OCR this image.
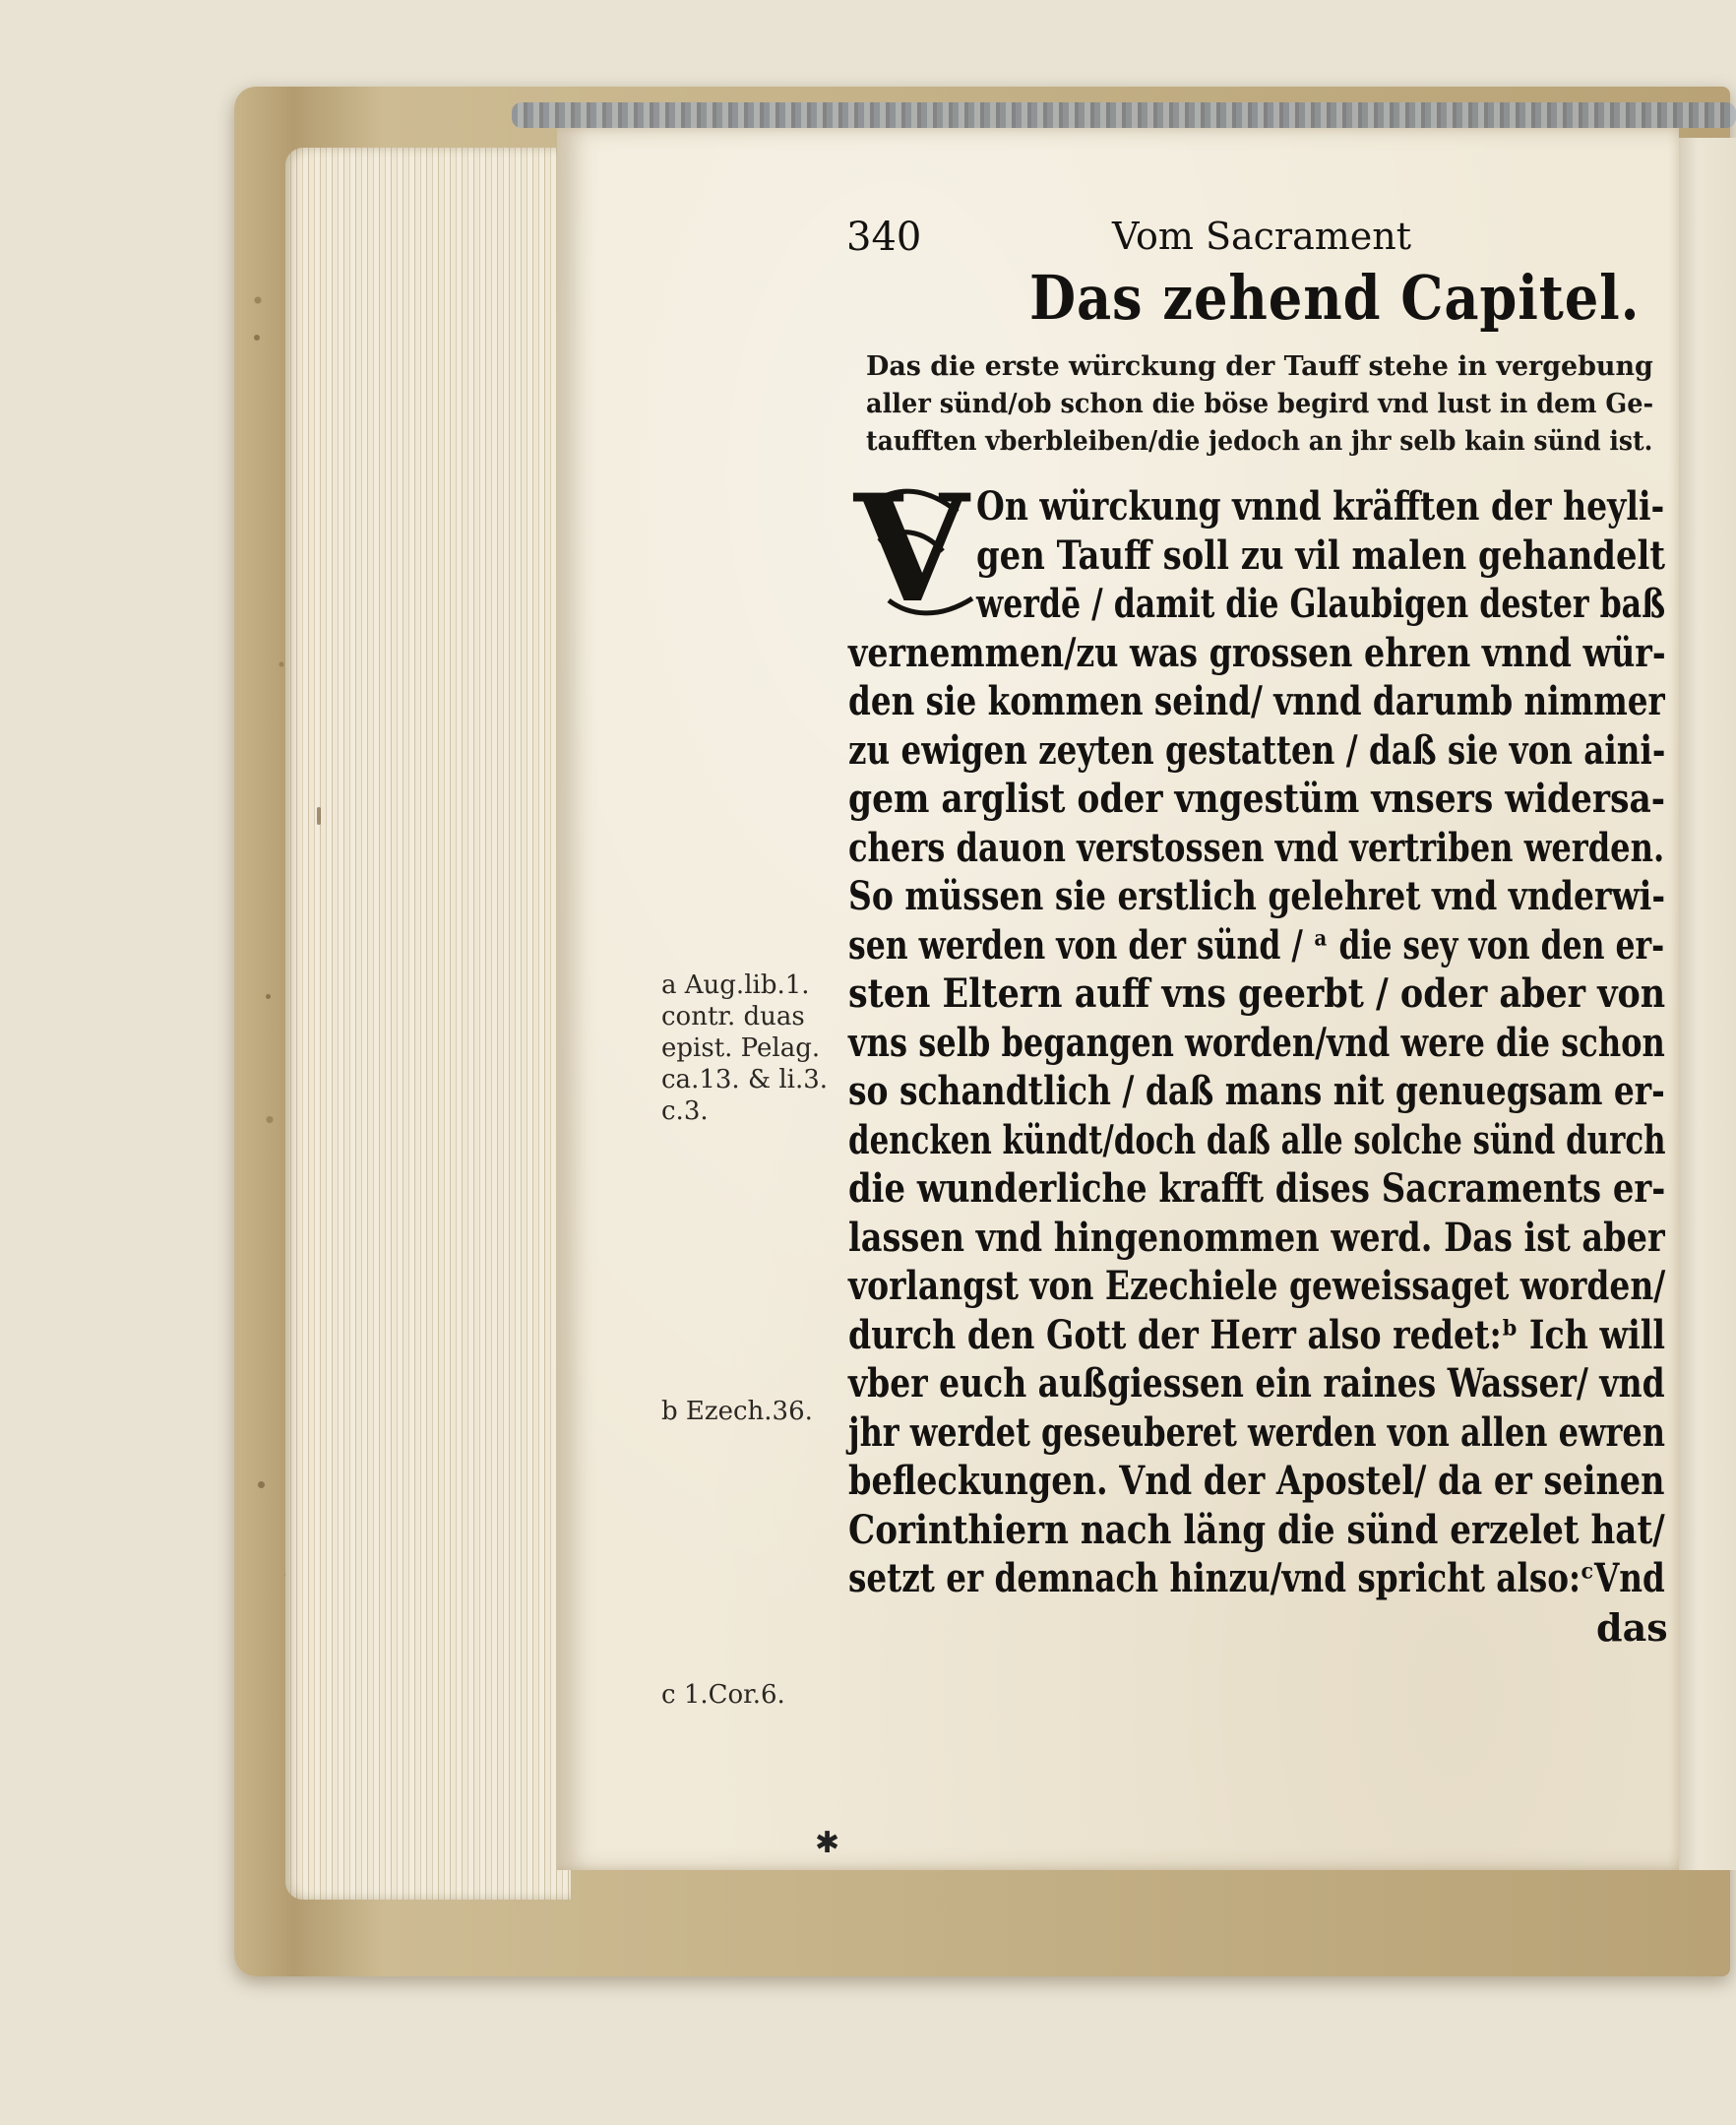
340	Vom Sacrament
Das zehend Capitel.
Das die erste würckung der Tauff stehe in vergebung
aller sünd/ob schon die böse begird vnd lust in dem Ge-
taufften vberbleiben/die jedoch an jhr selb kain sünd ist.
V On würckung vnnd kräfften der heyli-
gen Tauff soll zu vil malen gehandelt
werdē / damit die Glaubigen dester baß
vernemmen/zu was grossen ehren vnnd wür-
den sie kommen seind/ vnnd darumb nimmer
zu ewigen zeyten gestatten / daß sie von aini-
gem arglist oder vngestüm vnsers widersa-
chers dauon verstossen vnd vertriben werden.
So müssen sie erstlich gelehret vnd vnderwi-
sen werden von der sünd / ᵃ die sey von den er-
sten Eltern auff vns geerbt / oder aber von
vns selb begangen worden/vnd were die schon
so schandtlich / daß mans nit genuegsam er-
dencken kündt/doch daß alle solche sünd durch
die wunderliche krafft dises Sacraments er-
lassen vnd hingenommen werd. Das ist aber
vorlangst von Ezechiele geweissaget worden/
durch den Gott der Herr also redet:ᵇ Ich will
vber euch außgiessen ein raines Wasser/ vnd
jhr werdet geseuberet werden von allen ewren
befleckungen. Vnd der Apostel/ da er seinen
Corinthiern nach läng die sünd erzelet hat/
setzt er demnach hinzu/vnd spricht also:ᶜVnd
das
a Aug.lib.1.
contr. duas
epist. Pelag.
ca.13. & li.3.
c.3.
b Ezech.36.
c 1.Cor.6.
✱
